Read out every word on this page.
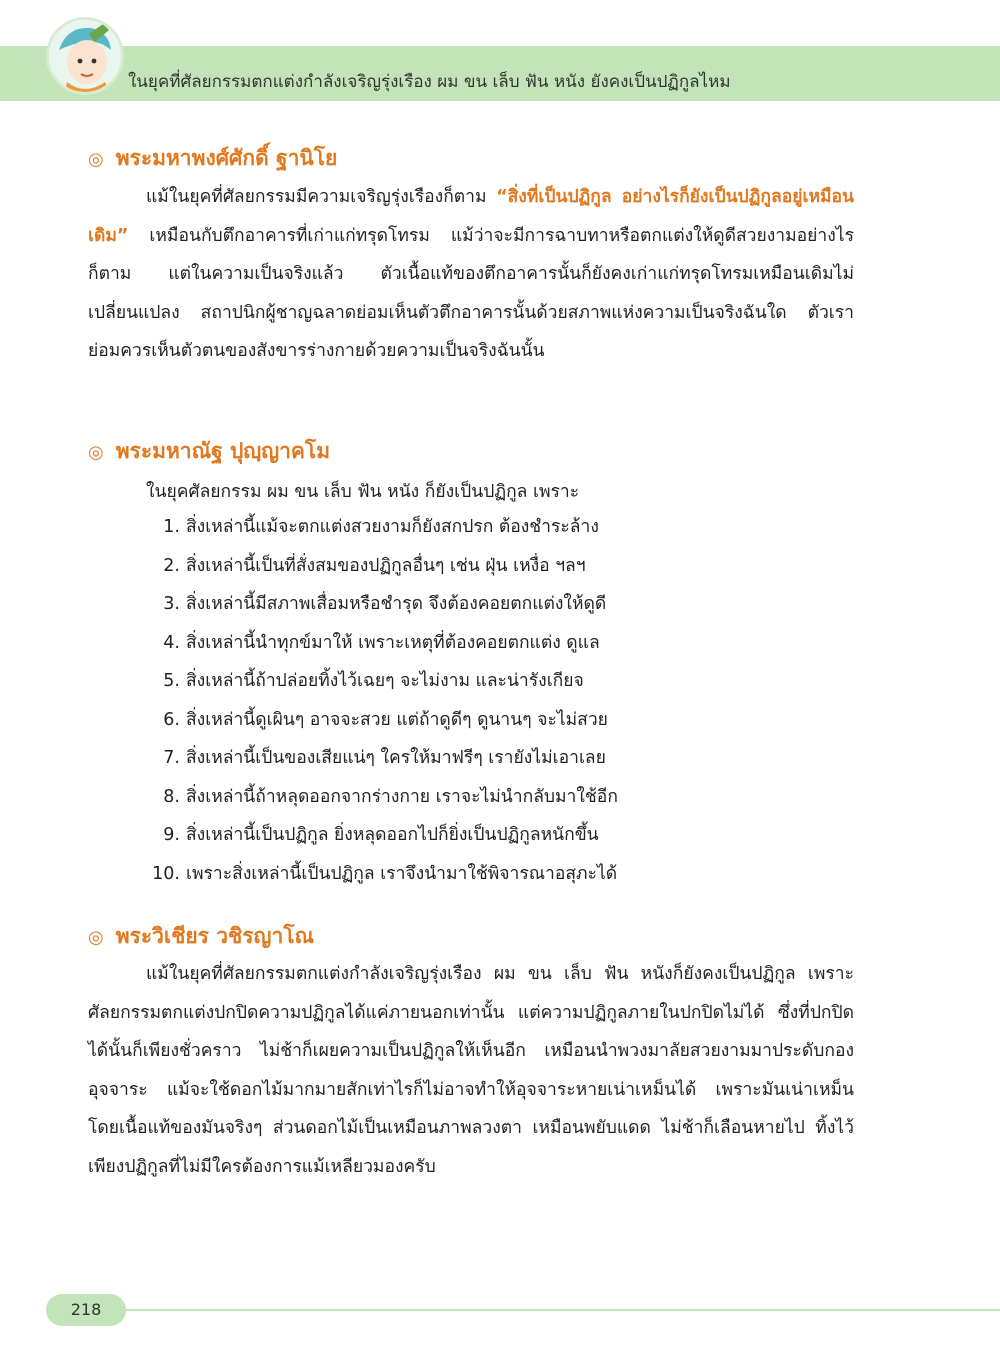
ในยุคที่ศัลยกรรมตกแต่งกำลังเจริญรุ่งเรือง ผม ขน เล็บ ฟัน หนัง ยังคงเป็นปฏิกูลไหม
◎ พระมหาพงศ์ศักดิ์ ฐานิโย

แม้ในยุคที่ศัลยกรรมมีความเจริญรุ่งเรืองก็ตาม “สิ่งที่เป็นปฏิกูล อย่างไรก็ยังเป็นปฏิกูลอยู่เหมือนเดิม” เหมือนกับตึกอาคารที่เก่าแก่ทรุดโทรม แม้ว่าจะมีการฉาบทาหรือตกแต่งให้ดูดีสวยงามอย่างไรก็ตาม แต่ในความเป็นจริงแล้ว ตัวเนื้อแท้ของตึกอาคารนั้นก็ยังคงเก่าแก่ทรุดโทรมเหมือนเดิมไม่เปลี่ยนแปลง สถาปนิกผู้ชาญฉลาดย่อมเห็นตัวตึกอาคารนั้นด้วยสภาพแห่งความเป็นจริงฉันใด ตัวเราย่อมควรเห็นตัวตนของสังขารร่างกายด้วยความเป็นจริงฉันนั้น

◎ พระมหาณัฐ ปุญฺญาคโม
ในยุคศัลยกรรม ผม ขน เล็บ ฟัน หนัง ก็ยังเป็นปฏิกูล เพราะ
1. สิ่งเหล่านี้แม้จะตกแต่งสวยงามก็ยังสกปรก ต้องชำระล้าง
2. สิ่งเหล่านี้เป็นที่สั่งสมของปฏิกูลอื่นๆ เช่น ฝุ่น เหงื่อ ฯลฯ
3. สิ่งเหล่านี้มีสภาพเสื่อมหรือชำรุด จึงต้องคอยตกแต่งให้ดูดี
4. สิ่งเหล่านี้นำทุกข์มาให้ เพราะเหตุที่ต้องคอยตกแต่ง ดูแล
5. สิ่งเหล่านี้ถ้าปล่อยทิ้งไว้เฉยๆ จะไม่งาม และน่ารังเกียจ
6. สิ่งเหล่านี้ดูเผินๆ อาจจะสวย แต่ถ้าดูดีๆ ดูนานๆ จะไม่สวย
7. สิ่งเหล่านี้เป็นของเสียแน่ๆ ใครให้มาฟรีๆ เรายังไม่เอาเลย
8. สิ่งเหล่านี้ถ้าหลุดออกจากร่างกาย เราจะไม่นำกลับมาใช้อีก
9. สิ่งเหล่านี้เป็นปฏิกูล ยิ่งหลุดออกไปก็ยิ่งเป็นปฏิกูลหนักขึ้น
10. เพราะสิ่งเหล่านี้เป็นปฏิกูล เราจึงนำมาใช้พิจารณาอสุภะได้
◎ พระวิเชียร วชิรญาโณ

แม้ในยุคที่ศัลยกรรมตกแต่งกำลังเจริญรุ่งเรือง ผม ขน เล็บ ฟัน หนังก็ยังคงเป็นปฏิกูล เพราะศัลยกรรมตกแต่งปกปิดความปฏิกูลได้แค่ภายนอกเท่านั้น แต่ความปฏิกูลภายในปกปิดไม่ได้ ซึ่งที่ปกปิดได้นั้นก็เพียงชั่วคราว ไม่ช้าก็เผยความเป็นปฏิกูลให้เห็นอีก เหมือนนำพวงมาลัยสวยงามมาประดับกองอุจจาระ แม้จะใช้ดอกไม้มากมายสักเท่าไรก็ไม่อาจทำให้อุจจาระหายเน่าเหม็นได้ เพราะมันเน่าเหม็นโดยเนื้อแท้ของมันจริงๆ ส่วนดอกไม้เป็นเหมือนภาพลวงตา เหมือนพยับแดด ไม่ช้าก็เลือนหายไป ทิ้งไว้เพียงปฏิกูลที่ไม่มีใครต้องการแม้เหลียวมองครับ

218
